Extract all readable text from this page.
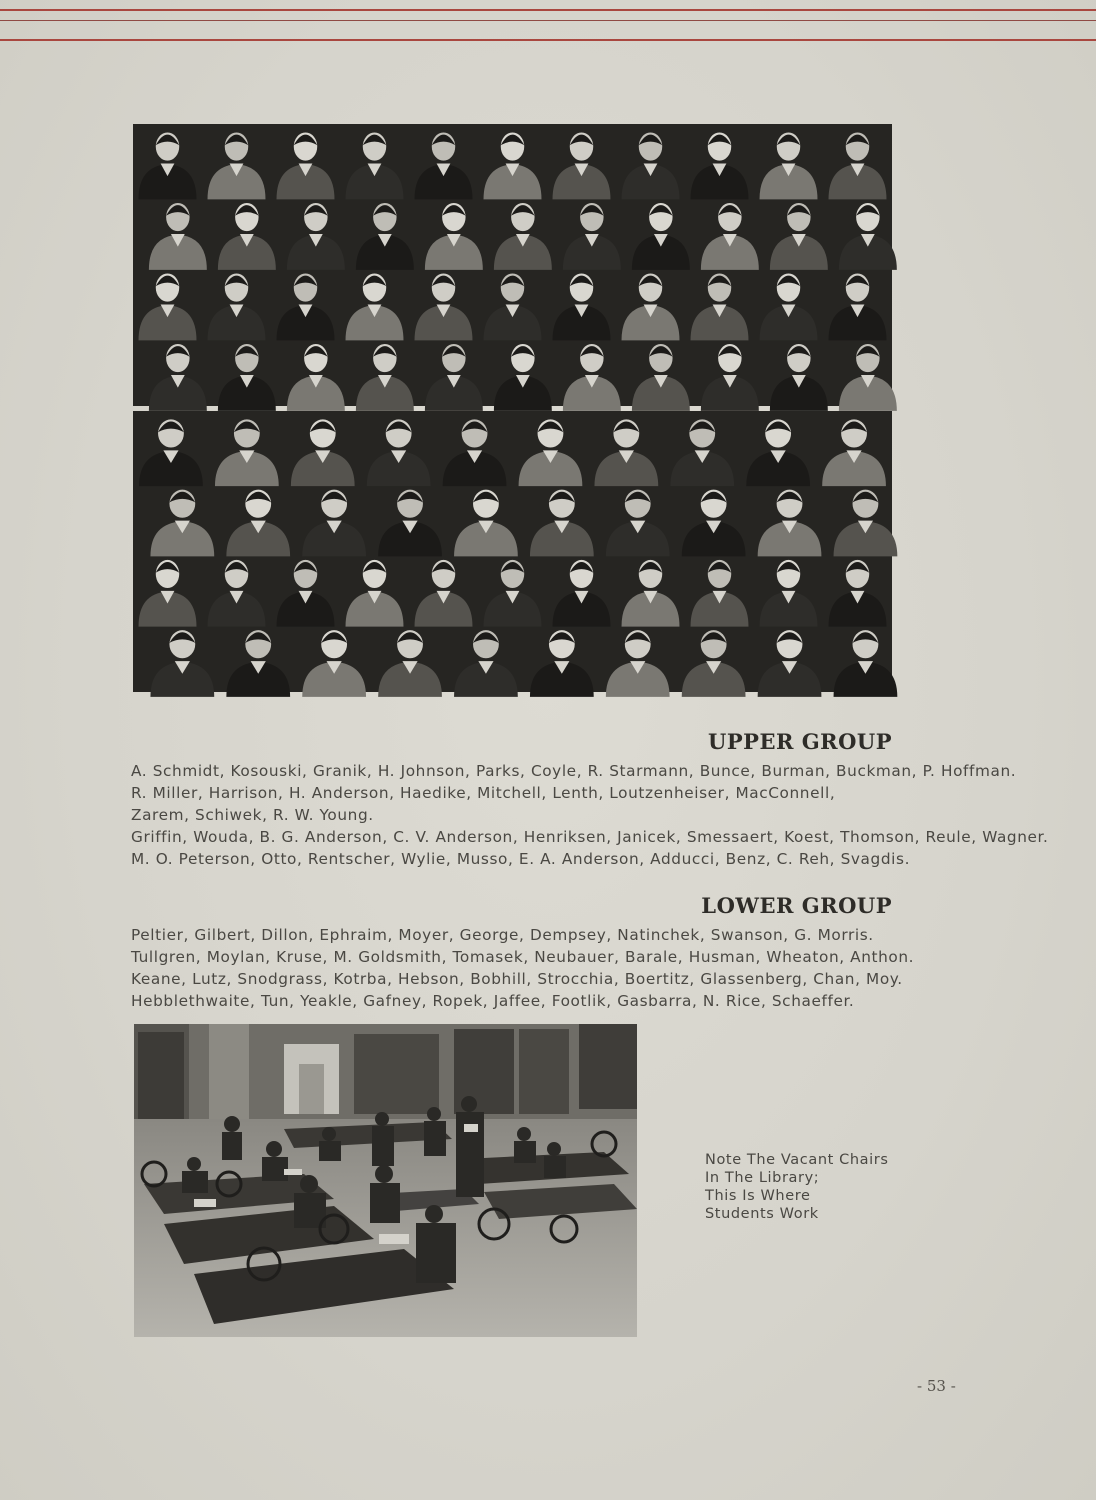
UPPER GROUP
A. Schmidt, Kosouski, Granik, H. Johnson, Parks, Coyle, R. Starmann, Bunce, Burman, Buckman, P. Hoffman.
R. Miller, Harrison, H. Anderson, Haedike, Mitchell, Lenth, Loutzenheiser, MacConnell, Zarem, Schiwek, R. W. Young.
Griffin, Wouda, B. G. Anderson, C. V. Anderson, Henriksen, Janicek, Smessaert, Koest, Thomson, Reule, Wagner.
M. O. Peterson, Otto, Rentscher, Wylie, Musso, E. A. Anderson, Adducci, Benz, C. Reh, Svagdis.
LOWER GROUP
Peltier, Gilbert, Dillon, Ephraim, Moyer, George, Dempsey, Natinchek, Swanson, G. Morris.
Tullgren, Moylan, Kruse, M. Goldsmith, Tomasek, Neubauer, Barale, Husman, Wheaton, Anthon.
Keane, Lutz, Snodgrass, Kotrba, Hebson, Bobhill, Strocchia, Boertitz, Glassenberg, Chan, Moy.
Hebblethwaite, Tun, Yeakle, Gafney, Ropek, Jaffee, Footlik, Gasbarra, N. Rice, Schaeffer.
Note The Vacant Chairs
In The Library;
This Is Where
Students Work
- 53 -
